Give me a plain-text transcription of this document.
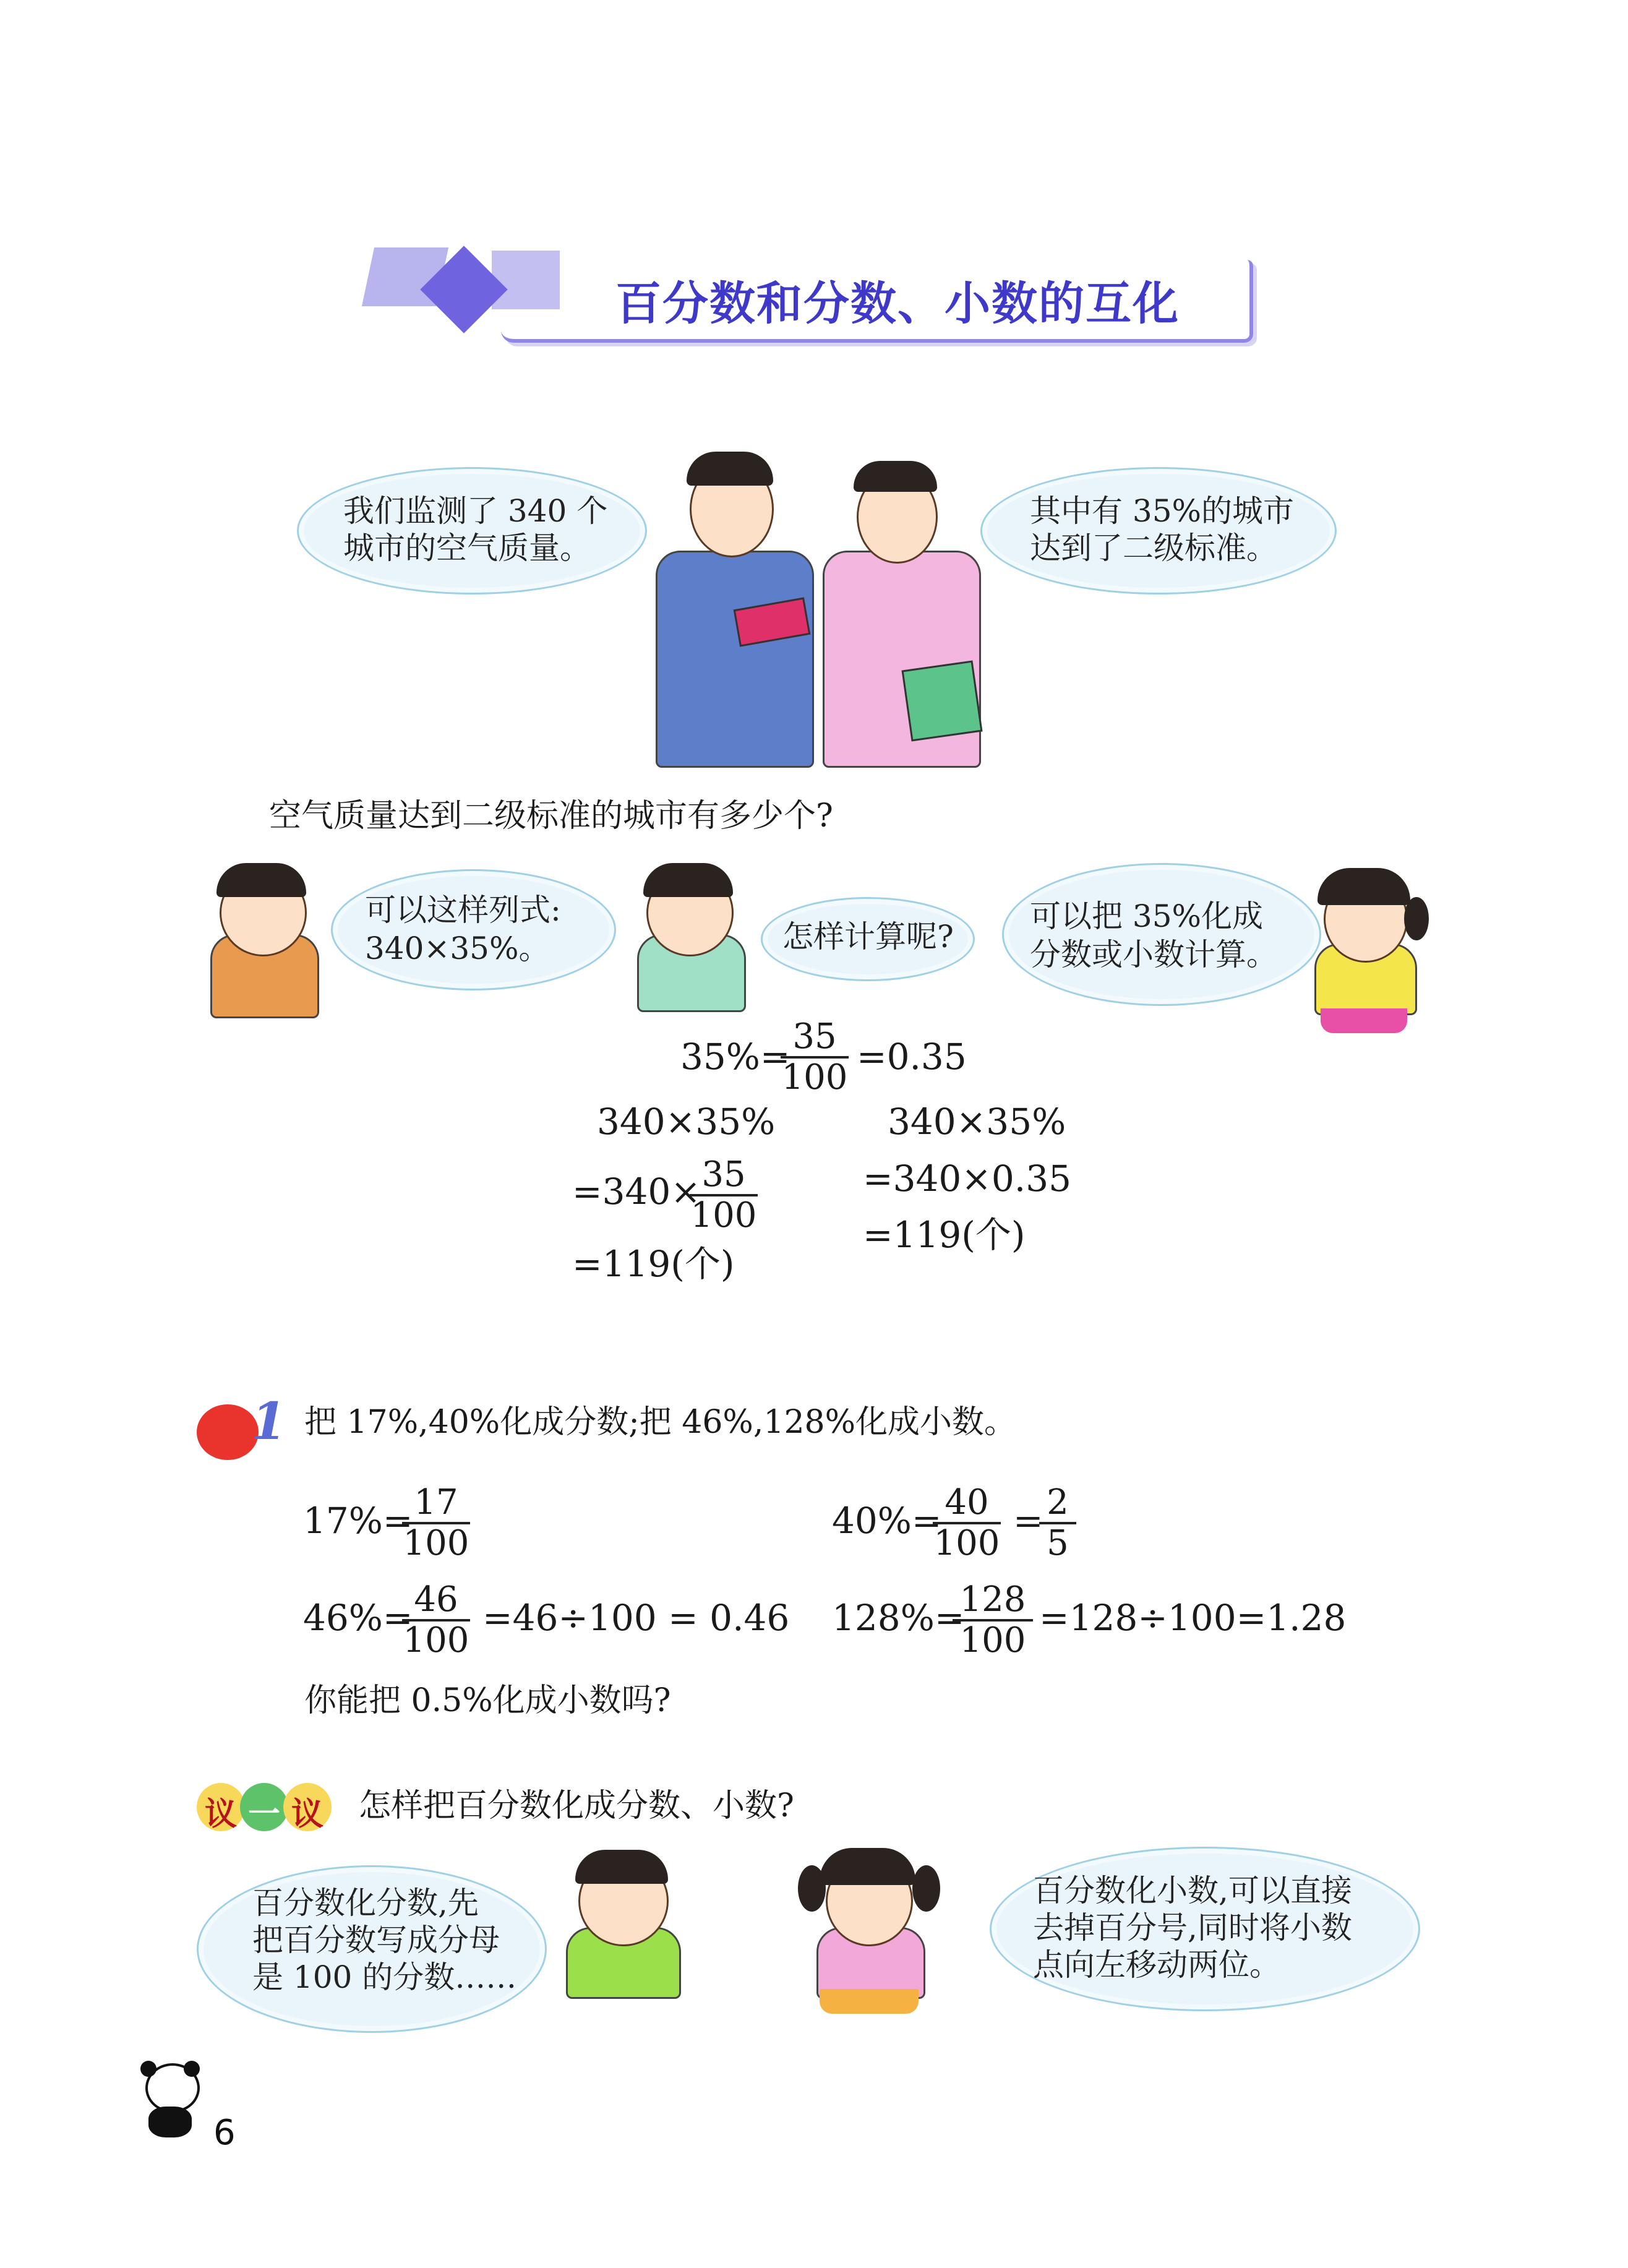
百分数和分数、小数的互化
我们监测了 340 个
城市的空气质量。
其中有 35%的城市
达到了二级标准。
空气质量达到二级标准的城市有多少个?
可以这样列式:
340×35%。	怎样计算呢?
可以把 35%化成
分数或小数计算。
35%=
$\frac{35}{100} =0.35$
340×35%
=340×
$\frac{35}{100}$
=119(个)
340×35%
=340×0.35
=119(个)
1 把 17%,40%化成分数;把 46%,128%化成小数。
17%=
$\frac{17}{100}$	40%=
$\frac{40}{100}$ =
$\frac{2}{5}$
46%=
$\frac{46}{100} =46\div 100 = 0.46$ 128%=
$\frac{128}{100} =128\div 100=1.28$
你能把 0.5%化成小数吗?
议 一 议 怎样把百分数化成分数、小数?
百分数化分数,先
把百分数写成分母
是 100 的分数……
百分数化小数,可以直接
去掉百分号,同时将小数
点向左移动两位。
6
